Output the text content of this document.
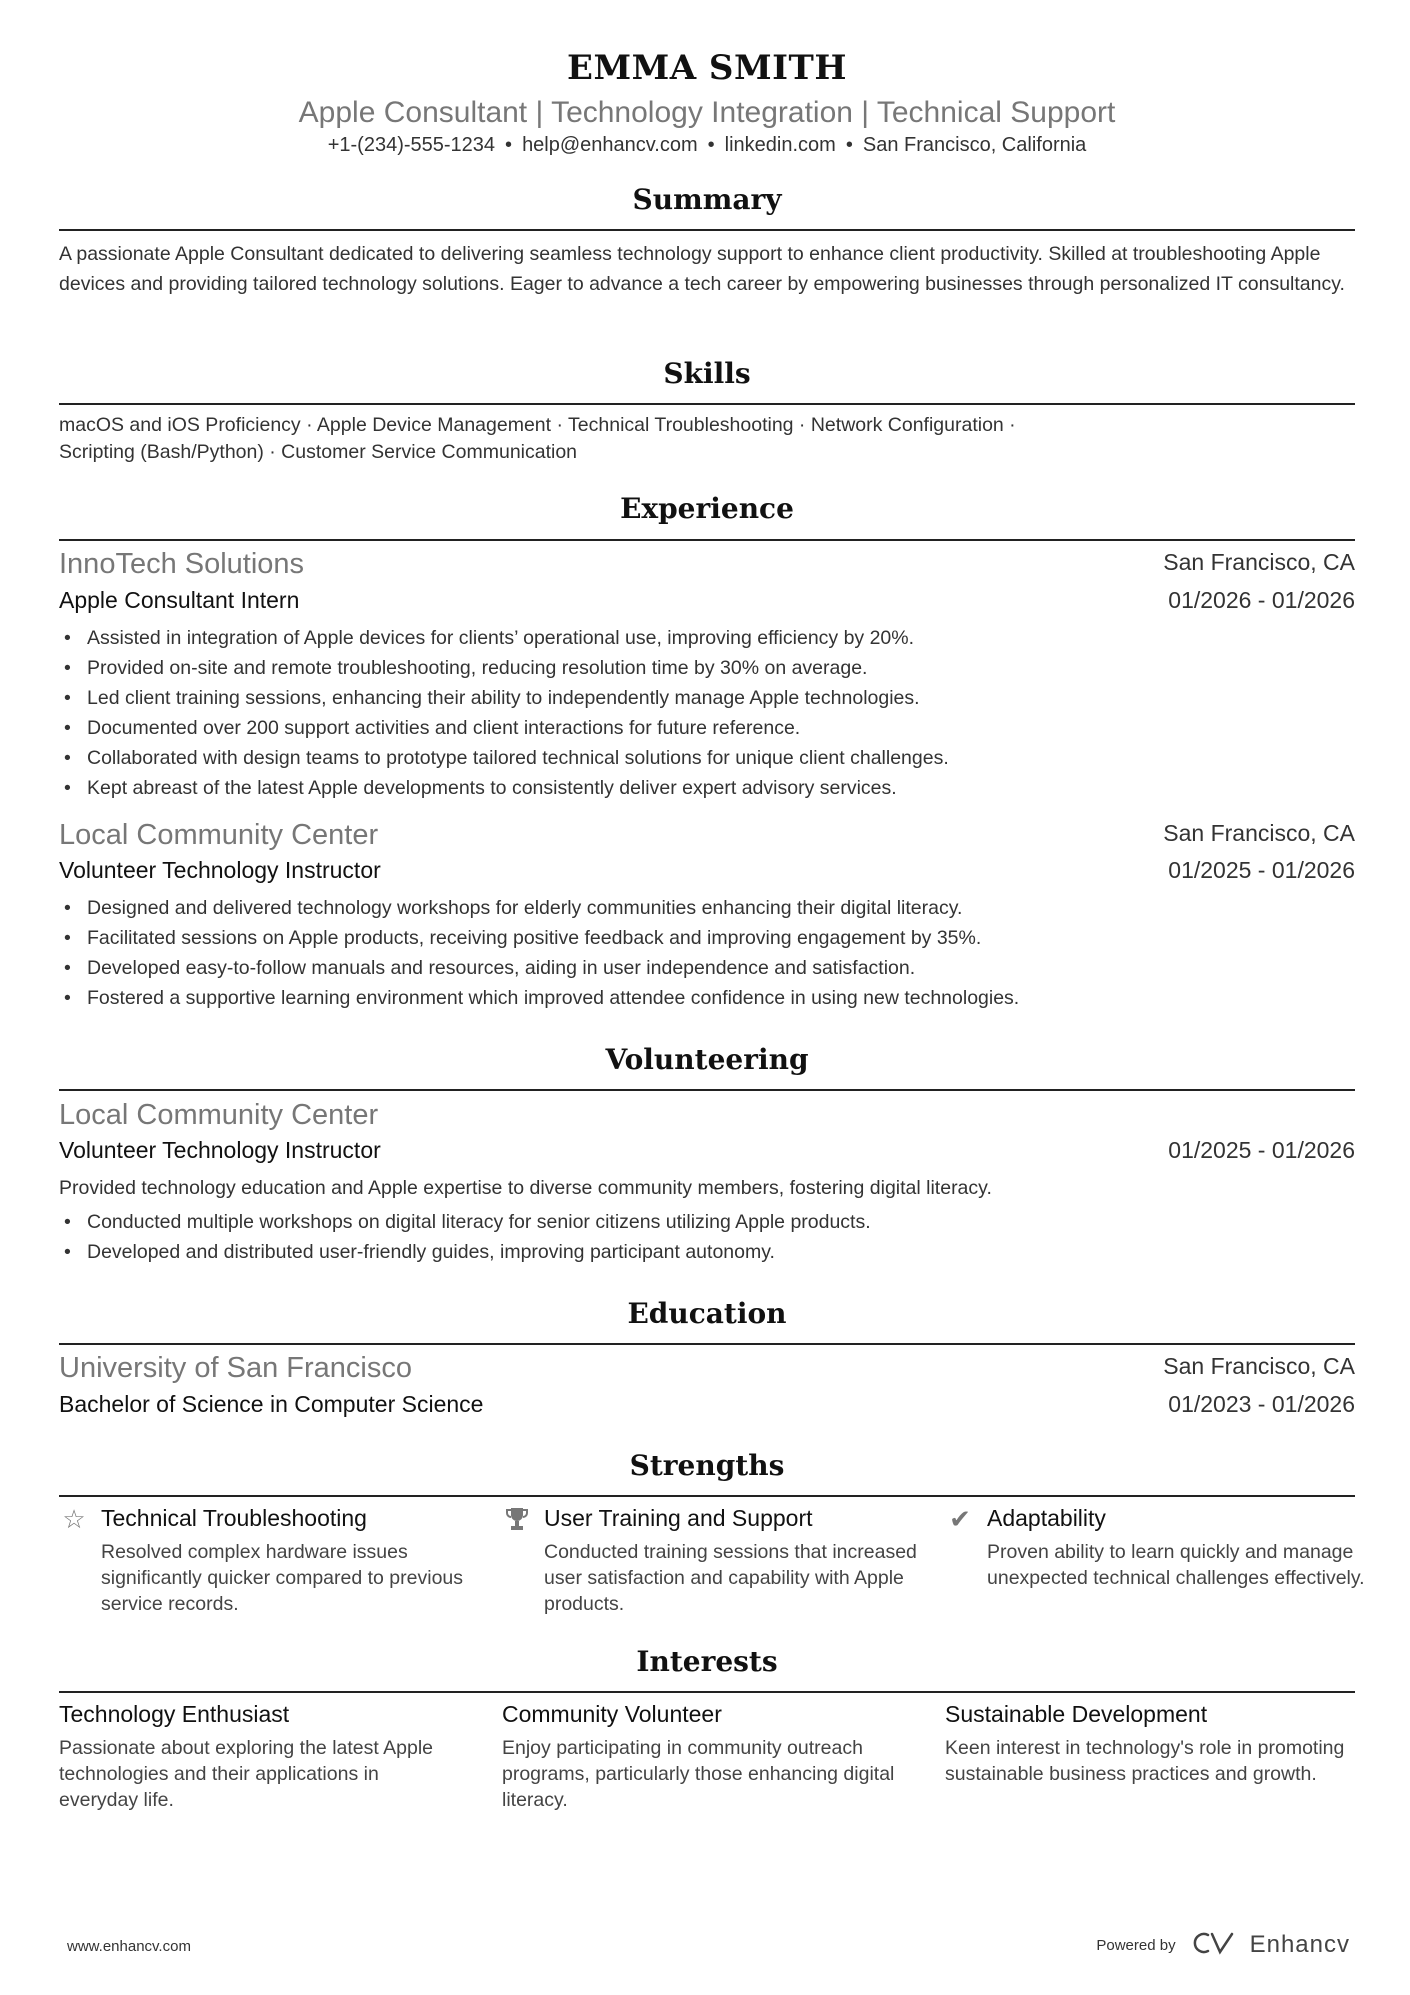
EMMA SMITH
Apple Consultant | Technology Integration | Technical Support
+1-(234)-555-1234 • help@enhancv.com • linkedin.com • San Francisco, California
Summary
A passionate Apple Consultant dedicated to delivering seamless technology support to enhance client productivity. Skilled at troubleshooting Apple devices and providing tailored technology solutions. Eager to advance a tech career by empowering businesses through personalized IT consultancy.
Skills
macOS and iOS Proficiency · Apple Device Management · Technical Troubleshooting · Network Configuration ·
Scripting (Bash/Python) · Customer Service Communication
Experience
InnoTech Solutions	San Francisco, CA
Apple Consultant Intern	01/2026 - 01/2026
• Assisted in integration of Apple devices for clients’ operational use, improving efficiency by 20%.
• Provided on-site and remote troubleshooting, reducing resolution time by 30% on average.
• Led client training sessions, enhancing their ability to independently manage Apple technologies.
• Documented over 200 support activities and client interactions for future reference.
• Collaborated with design teams to prototype tailored technical solutions for unique client challenges.
• Kept abreast of the latest Apple developments to consistently deliver expert advisory services.
Local Community Center	San Francisco, CA
Volunteer Technology Instructor	01/2025 - 01/2026
• Designed and delivered technology workshops for elderly communities enhancing their digital literacy.
• Facilitated sessions on Apple products, receiving positive feedback and improving engagement by 35%.
• Developed easy-to-follow manuals and resources, aiding in user independence and satisfaction.
• Fostered a supportive learning environment which improved attendee confidence in using new technologies.
Volunteering
Local Community Center
Volunteer Technology Instructor	01/2025 - 01/2026
Provided technology education and Apple expertise to diverse community members, fostering digital literacy.
• Conducted multiple workshops on digital literacy for senior citizens utilizing Apple products.
• Developed and distributed user-friendly guides, improving participant autonomy.
Education
University of San Francisco	San Francisco, CA
Bachelor of Science in Computer Science	01/2023 - 01/2026
Strengths
☆ Technical Troubleshooting
Resolved complex hardware issues significantly quicker compared to previous service records.
User Training and Support
Conducted training sessions that increased user satisfaction and capability with Apple products.
✔ Adaptability
Proven ability to learn quickly and manage unexpected technical challenges effectively.
Interests
Technology Enthusiast
Passionate about exploring the latest Apple technologies and their applications in everyday life.
Community Volunteer
Enjoy participating in community outreach programs, particularly those enhancing digital literacy.
Sustainable Development
Keen interest in technology's role in promoting sustainable business practices and growth.
www.enhancv.com	Powered by	Enhancv
